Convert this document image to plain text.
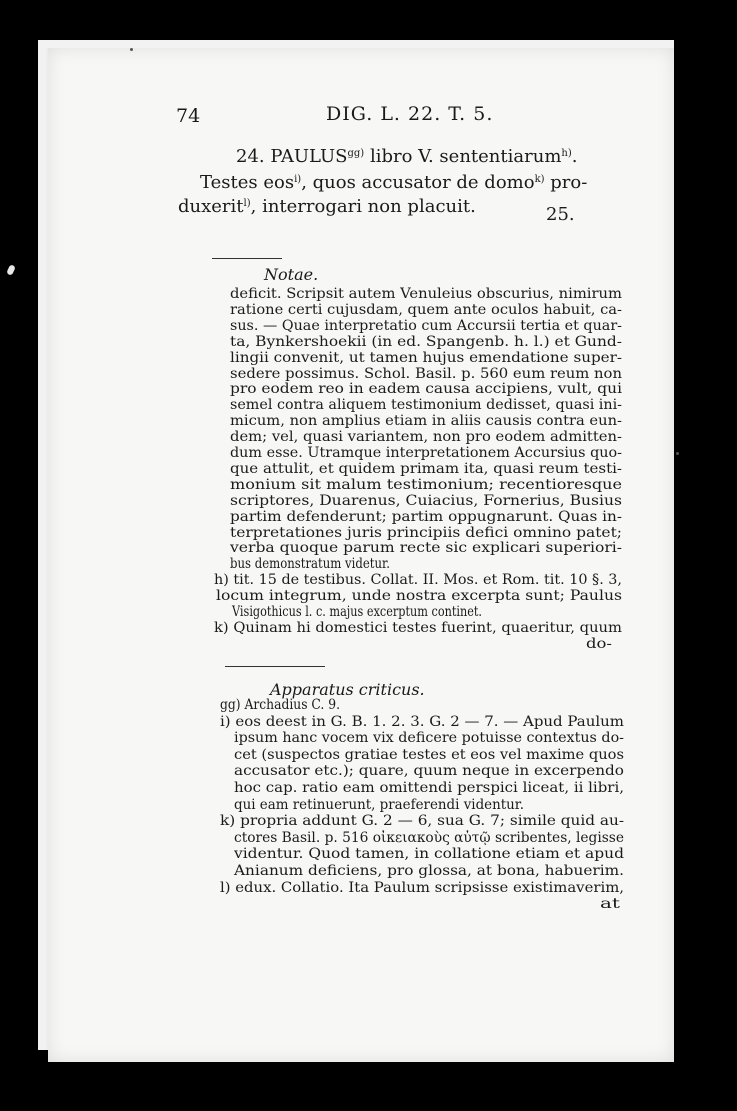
74	DIG. L. 22. T. 5.
24. $PAULUS^{gg)}$ libro V. sententiarum$^{h)}$.
Testes eos$^{i)}$, quos accusator de domo$^{k)}$ pro-
duxerit$^{l)}$, interrogari non placuit.	25.
Notae.
deficit. Scripsit autem Venuleius obscurius, nimirum
ratione certi cujusdam, quem ante oculos habuit, ca-
sus. — Quae interpretatio cum Accursii tertia et quar-
ta, Bynkershoekii (in ed. Spangenb. h. l.) et Gund-
lingii convenit, ut tamen hujus emendatione super-
sedere possimus. Schol. Basil. p. 560 eum reum non
pro eodem reo in eadem causa accipiens, vult, qui
semel contra aliquem testimonium dedisset, quasi ini-
micum, non amplius etiam in aliis causis contra eun-
dem; vel, quasi variantem, non pro eodem admitten-
dum esse. Utramque interpretationem Accursius quo-
que attulit, et quidem primam ita, quasi reum testi-
monium sit malum testimonium; recentioresque
scriptores, Duarenus, Cuiacius, Fornerius, Busius
partim defenderunt; partim oppugnarunt. Quas in-
terpretationes juris principiis defici omnino patet;
verba quoque parum recte sic explicari superiori-
bus demonstratum videtur.
h) tit. 15 de testibus. Collat. II. Mos. et Rom. tit. 10 §. 3,
locum integrum, unde nostra excerpta sunt; Paulus
Visigothicus l. c. majus excerptum continet.
k) Quinam hi domestici testes fuerint, quaeritur, quum
do-
Apparatus criticus.
gg) Archadius C. 9.
i) eos deest in G. B. 1. 2. 3. G. 2 — 7. — Apud Paulum
ipsum hanc vocem vix deficere potuisse contextus do-
cet (suspectos gratiae testes et eos vel maxime quos
accusator etc.); quare, quum neque in excerpendo
hoc cap. ratio eam omittendi perspici liceat, ii libri,
qui eam retinuerunt, praeferendi videntur.
k) propria addunt G. 2 — 6, sua G. 7; simile quid au-
ctores Basil. p. 516 οἰκειακοὺς αὐτῷ scribentes, legisse
videntur. Quod tamen, in collatione etiam et apud
Anianum deficiens, pro glossa, at bona, habuerim.
l) edux. Collatio. Ita Paulum scripsisse existimaverim,
at
